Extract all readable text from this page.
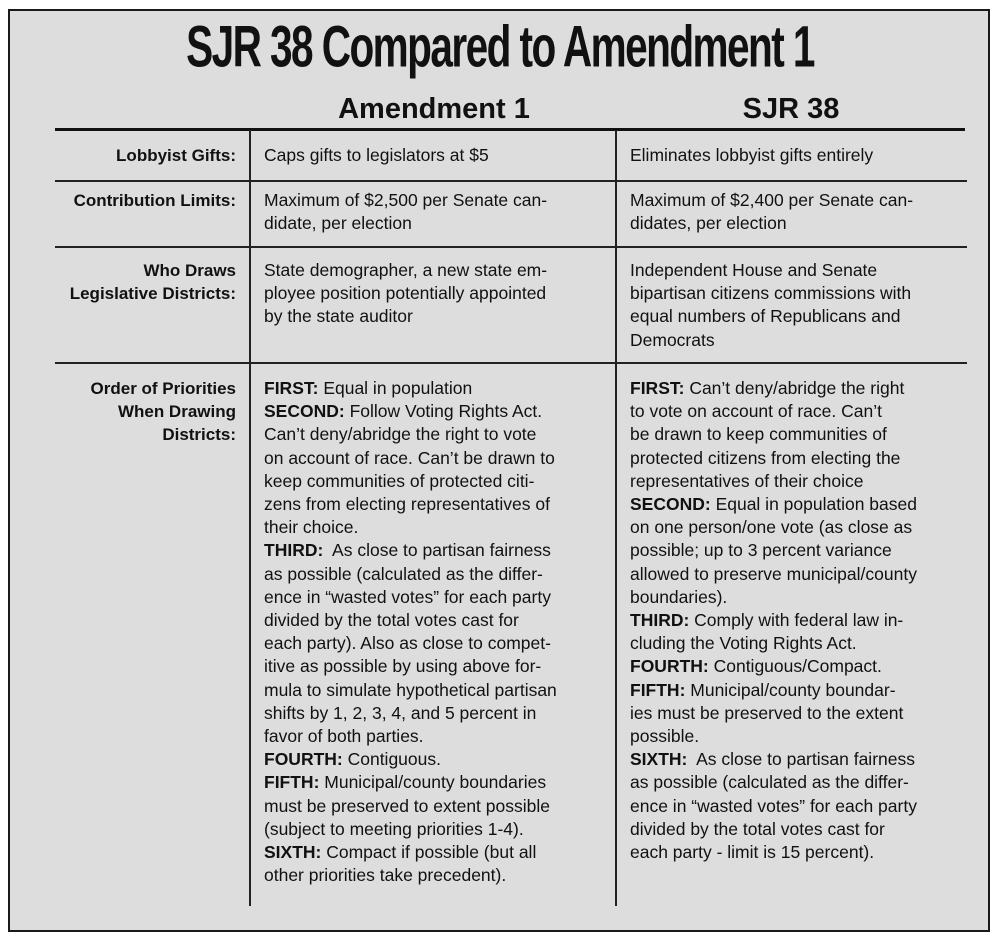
SJR 38 Compared to Amendment 1
Amendment 1	SJR 38
Lobbyist Gifts: Caps gifts to legislators at $5	Eliminates lobbyist gifts entirely
Contribution Limits: Maximum of $2,500 per Senate can-
didate, per election
Maximum of $2,400 per Senate can-
didates, per election
Who Draws
Legislative Districts:
State demographer, a new state em-
ployee position potentially appointed
by the state auditor
Independent House and Senate
bipartisan citizens commissions with
equal numbers of Republicans and
Democrats
Order of Priorities
When Drawing
Districts:
FIRST: Equal in population
SECOND: Follow Voting Rights Act.
Can’t deny/abridge the right to vote
on account of race. Can’t be drawn to
keep communities of protected citi-
zens from electing representatives of
their choice.
THIRD:  As close to partisan fairness
as possible (calculated as the differ-
ence in “wasted votes” for each party
divided by the total votes cast for
each party). Also as close to compet-
itive as possible by using above for-
mula to simulate hypothetical partisan
shifts by 1, 2, 3, 4, and 5 percent in
favor of both parties.
FOURTH: Contiguous.
FIFTH: Municipal/county boundaries
must be preserved to extent possible
(subject to meeting priorities 1-4).
SIXTH: Compact if possible (but all
other priorities take precedent).
FIRST: Can’t deny/abridge the right
to vote on account of race. Can’t
be drawn to keep communities of
protected citizens from electing the
representatives of their choice
SECOND: Equal in population based
on one person/one vote (as close as
possible; up to 3 percent variance
allowed to preserve municipal/county
boundaries).
THIRD: Comply with federal law in-
cluding the Voting Rights Act.
FOURTH: Contiguous/Compact.
FIFTH: Municipal/county boundar-
ies must be preserved to the extent
possible.
SIXTH:  As close to partisan fairness
as possible (calculated as the differ-
ence in “wasted votes” for each party
divided by the total votes cast for
each party - limit is 15 percent).
